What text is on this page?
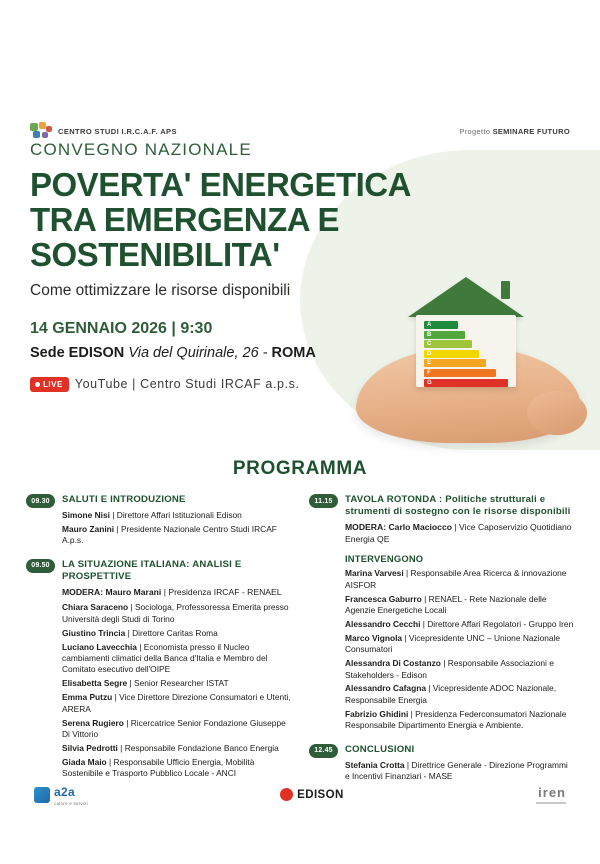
CENTRO STUDI I.R.C.A.F. APS	Progetto SEMINARE FUTURO
CONVEGNO NAZIONALE
POVERTA' ENERGETICA
TRA EMERGENZA E
SOSTENIBILITA'
Come ottimizzare le risorse disponibili
14 GENNAIO 2026 | 9:30
Sede EDISON Via del Quirinale, 26 - ROMA
LIVE YouTube | Centro Studi IRCAF a.p.s.
A
B
C
D
E
F
G
PROGRAMMA
09.30	SALUTI E INTRODUZIONE
Simone Nisi | Direttore Affari Istituzionali Edison
Mauro Zanini | Presidente Nazionale Centro Studi IRCAF A.p.s.
09.50	LA SITUAZIONE ITALIANA: ANALISI E PROSPETTIVE
MODERA: Mauro Marani | Presidenza IRCAF - RENAEL
Chiara Saraceno | Sociologa, Professoressa Emerita presso Università degli Studi di Torino
Giustino Trincia | Direttore Caritas Roma
Luciano Lavecchia | Economista presso il Nucleo cambiamenti climatici della Banca d'Italia e Membro del Comitato esecutivo dell'OIPE
Elisabetta Segre | Senior Researcher ISTAT
Emma Putzu | Vice Direttore Direzione Consumatori e Utenti, ARERA
Serena Rugiero | Ricercatrice Senior Fondazione Giuseppe Di Vittorio
Silvia Pedrotti | Responsabile Fondazione Banco Energia
Giada Maio | Responsabile Ufficio Energia, Mobilità Sostenibile e Trasporto Pubblico Locale - ANCI
11.15	TAVOLA ROTONDA : Politiche strutturali e strumenti di sostegno con le risorse disponibili
MODERA: Carlo Maciocco | Vice Caposervizio Quotidiano Energia QE
INTERVENGONO
Marina Varvesi | Responsabile Area Ricerca & innovazione AISFOR
Francesca Gaburro | RENAEL - Rete Nazionale delle Agenzie Energetiche Locali
Alessandro Cecchi | Direttore Affari Regolatori - Gruppo Iren
Marco Vignola | Vicepresidente UNC – Unione Nazionale Consumatori
Alessandra Di Costanzo | Responsabile Associazioni e Stakeholders - Edison
Alessandro Cafagna | Vicepresidente ADOC Nazionale, Responsabile Energia
Fabrizio Ghidini | Presidenza Federconsumatori Nazionale Responsabile Dipartimento Energia e Ambiente.
12.45	CONCLUSIONI
Stefania Crotta | Direttrice Generale - Direzione Programmi e Incentivi Finanziari - MASE
a2a
calore e servizi
EDISON	iren
